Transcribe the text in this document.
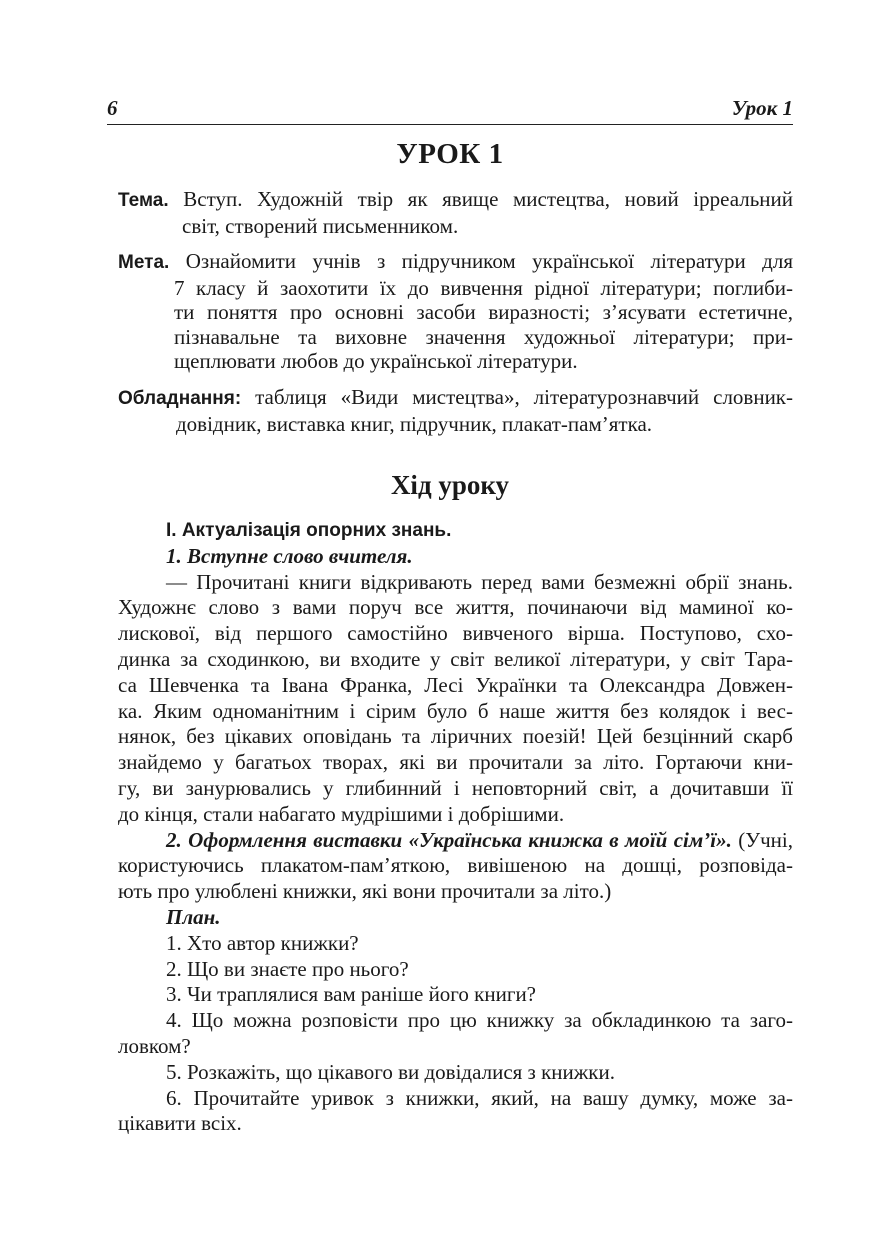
6	Урок 1
УРОК 1
Тема. Вступ. Художній твір як явище мистецтва, новий ірреальний
світ, створений письменником.
Мета. Ознайомити учнів з підручником української літератури для
7 класу й заохотити їх до вивчення рідної літератури; поглиби-
ти поняття про основні засоби виразності; з’ясувати естетичне,
пізнавальне та виховне значення художньої літератури; при-
щеплювати любов до української літератури.
Обладнання: таблиця «Види мистецтва», літературознавчий словник-
довідник, виставка книг, підручник, плакат-пам’ятка.
Хід уроку
I. Актуалізація опорних знань.
1. Вступне слово вчителя.
— Прочитані книги відкривають перед вами безмежні обрії знань.
Художнє слово з вами поруч все життя, починаючи від маминої ко-
лискової, від першого самостійно вивченого вірша. Поступово, схо-
динка за сходинкою, ви входите у світ великої літератури, у світ Тара-
са Шевченка та Івана Франка, Лесі Українки та Олександра Довжен-
ка. Яким одноманітним і сірим було б наше життя без колядок і вес-
нянок, без цікавих оповідань та ліричних поезій! Цей безцінний скарб
знайдемо у багатьох творах, які ви прочитали за літо. Гортаючи кни-
гу, ви занурювались у глибинний і неповторний світ, а дочитавши її
до кінця, стали набагато мудрішими і добрішими.
2. Оформлення виставки «Українська книжка в моїй сім’ї». (Учні,
користуючись плакатом-пам’яткою, вивішеною на дошці, розповіда-
ють про улюблені книжки, які вони прочитали за літо.)
План.
1. Хто автор книжки?
2. Що ви знаєте про нього?
3. Чи траплялися вам раніше його книги?
4. Що можна розповісти про цю книжку за обкладинкою та заго-
ловком?
5. Розкажіть, що цікавого ви довідалися з книжки.
6. Прочитайте уривок з книжки, який, на вашу думку, може за-
цікавити всіх.
